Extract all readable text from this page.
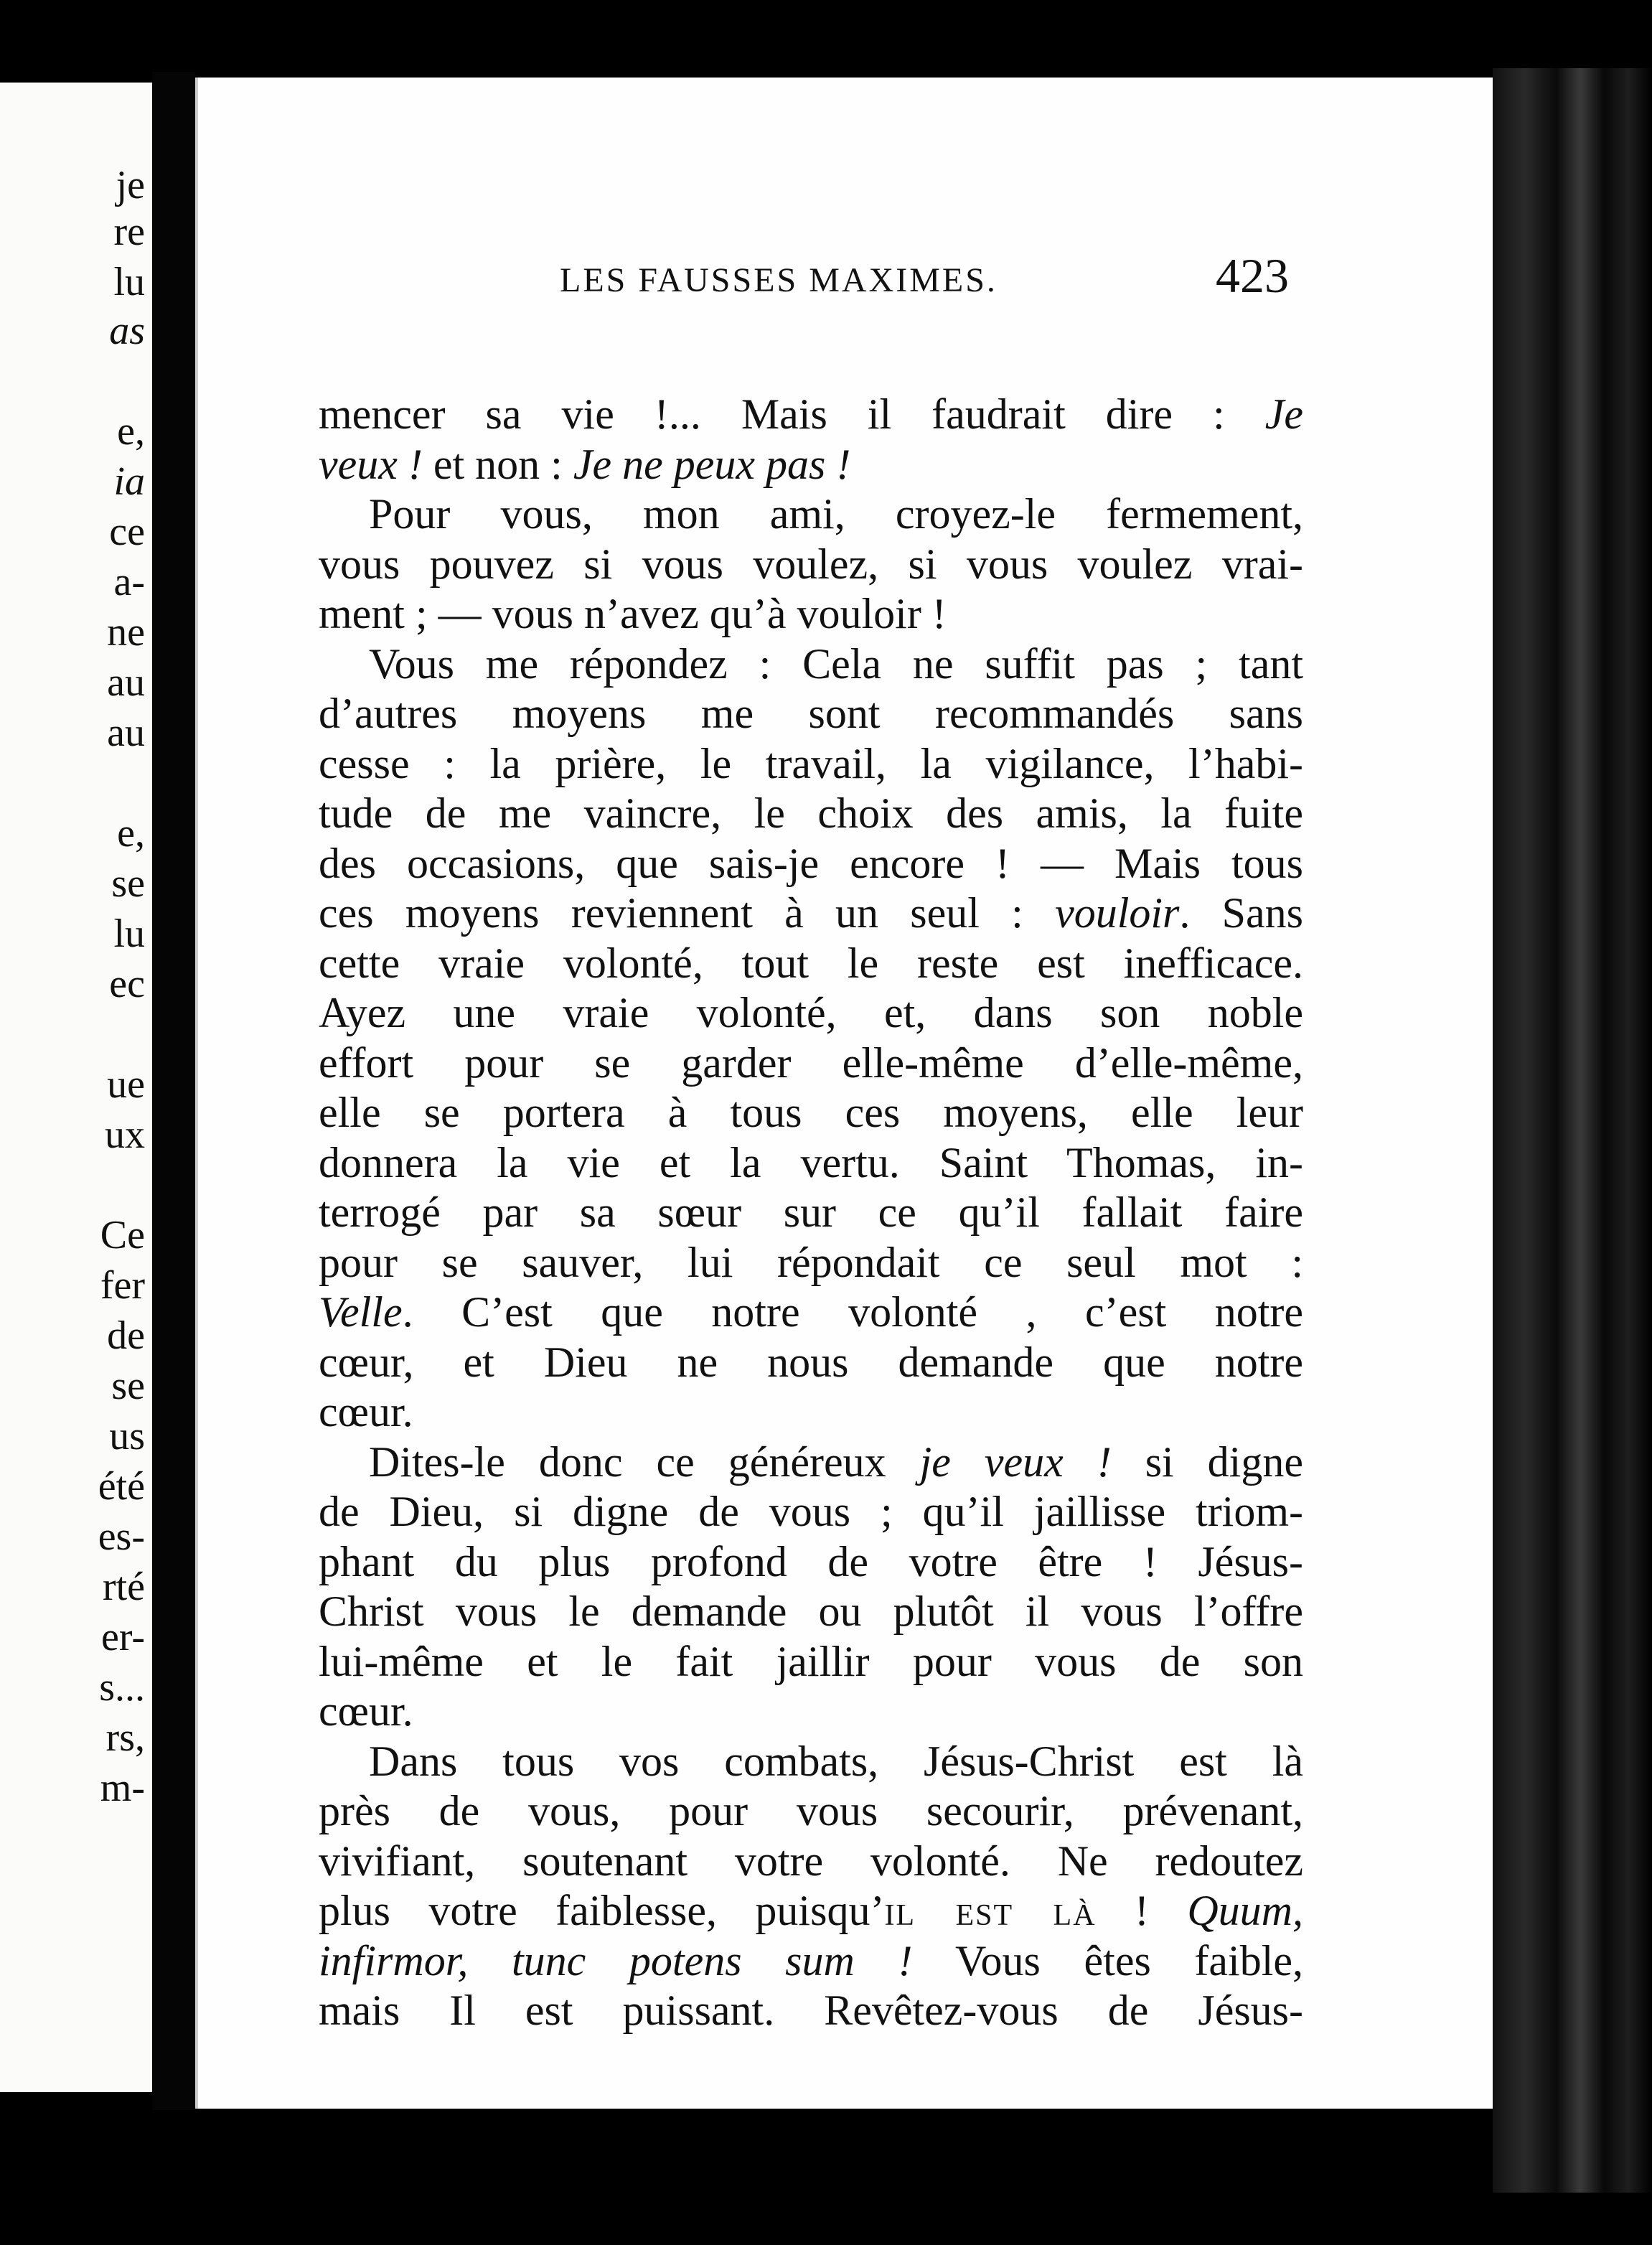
je
re
lu
as
e,
ia
ce
a-
ne
au
au
e,
se
lu
ec
ue
ux
Ce
fer
de
se
us
été
es-
rté
er-
s...
rs,
m-
LES FAUSSES MAXIMES.	423
mencer sa vie !... Mais il faudrait dire : Je
veux ! et non : Je ne peux pas !
Pour vous, mon ami, croyez-le fermement,
vous pouvez si vous voulez, si vous voulez vrai-
ment ; — vous n’avez qu’à vouloir !
Vous me répondez : Cela ne suffit pas ; tant
d’autres moyens me sont recommandés sans
cesse : la prière, le travail, la vigilance, l’habi-
tude de me vaincre, le choix des amis, la fuite
des occasions, que sais-je encore ! — Mais tous
ces moyens reviennent à un seul : vouloir. Sans
cette vraie volonté, tout le reste est inefficace.
Ayez une vraie volonté, et, dans son noble
effort pour se garder elle-même d’elle-même,
elle se portera à tous ces moyens, elle leur
donnera la vie et la vertu. Saint Thomas, in-
terrogé par sa sœur sur ce qu’il fallait faire
pour se sauver, lui répondait ce seul mot :
Velle. C’est que notre volonté , c’est notre
cœur, et Dieu ne nous demande que notre
cœur.
Dites-le donc ce généreux je veux ! si digne
de Dieu, si digne de vous ; qu’il jaillisse triom-
phant du plus profond de votre être ! Jésus-
Christ vous le demande ou plutôt il vous l’offre
lui-même et le fait jaillir pour vous de son
cœur.
Dans tous vos combats, Jésus-Christ est là
près de vous, pour vous secourir, prévenant,
vivifiant, soutenant votre volonté. Ne redoutez
plus votre faiblesse, puisqu’il est là ! Quum,
infirmor, tunc potens sum ! Vous êtes faible,
mais Il est puissant. Revêtez-vous de Jésus-
